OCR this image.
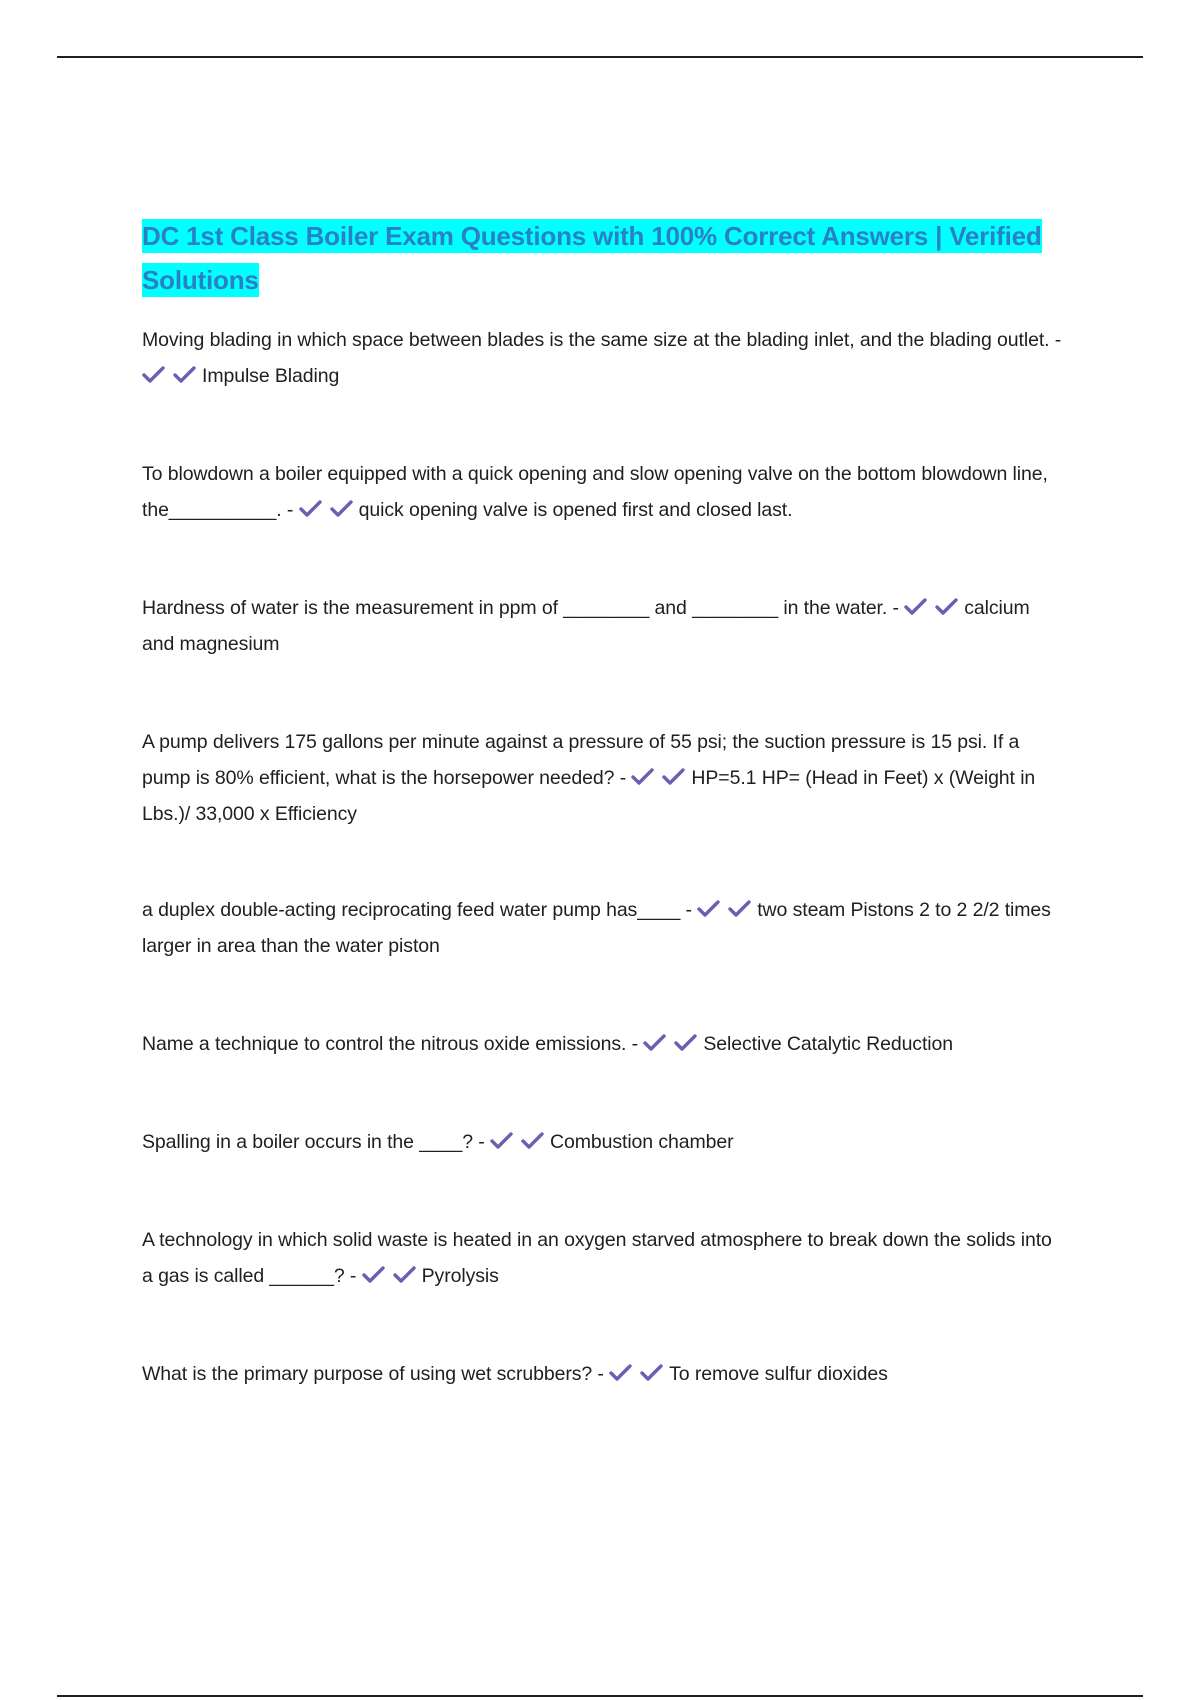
DC 1st Class Boiler Exam Questions with 100% Correct Answers | Verified Solutions

Moving blading in which space between blades is the same size at the blading inlet, and the blading outlet. -
Impulse Blading

To blowdown a boiler equipped with a quick opening and slow opening valve on the bottom blowdown line, the__________. -	quick opening valve is opened first and closed last.

Hardness of water is the measurement in ppm of ________ and ________ in the water. -	calcium and magnesium

A pump delivers 175 gallons per minute against a pressure of 55 psi; the suction pressure is 15 psi. If a pump is 80% efficient, what is the horsepower needed? -	HP=5.1 HP= (Head in Feet) x (Weight in Lbs.)/ 33,000 x Efficiency

a duplex double-acting reciprocating feed water pump has____ -	two steam Pistons 2 to 2 2/2 times larger in area than the water piston

Name a technique to control the nitrous oxide emissions. -	Selective Catalytic Reduction

Spalling in a boiler occurs in the ____? -	Combustion chamber

A technology in which solid waste is heated in an oxygen starved atmosphere to break down the solids into a gas is called ______? -	Pyrolysis

What is the primary purpose of using wet scrubbers? -	To remove sulfur dioxides
